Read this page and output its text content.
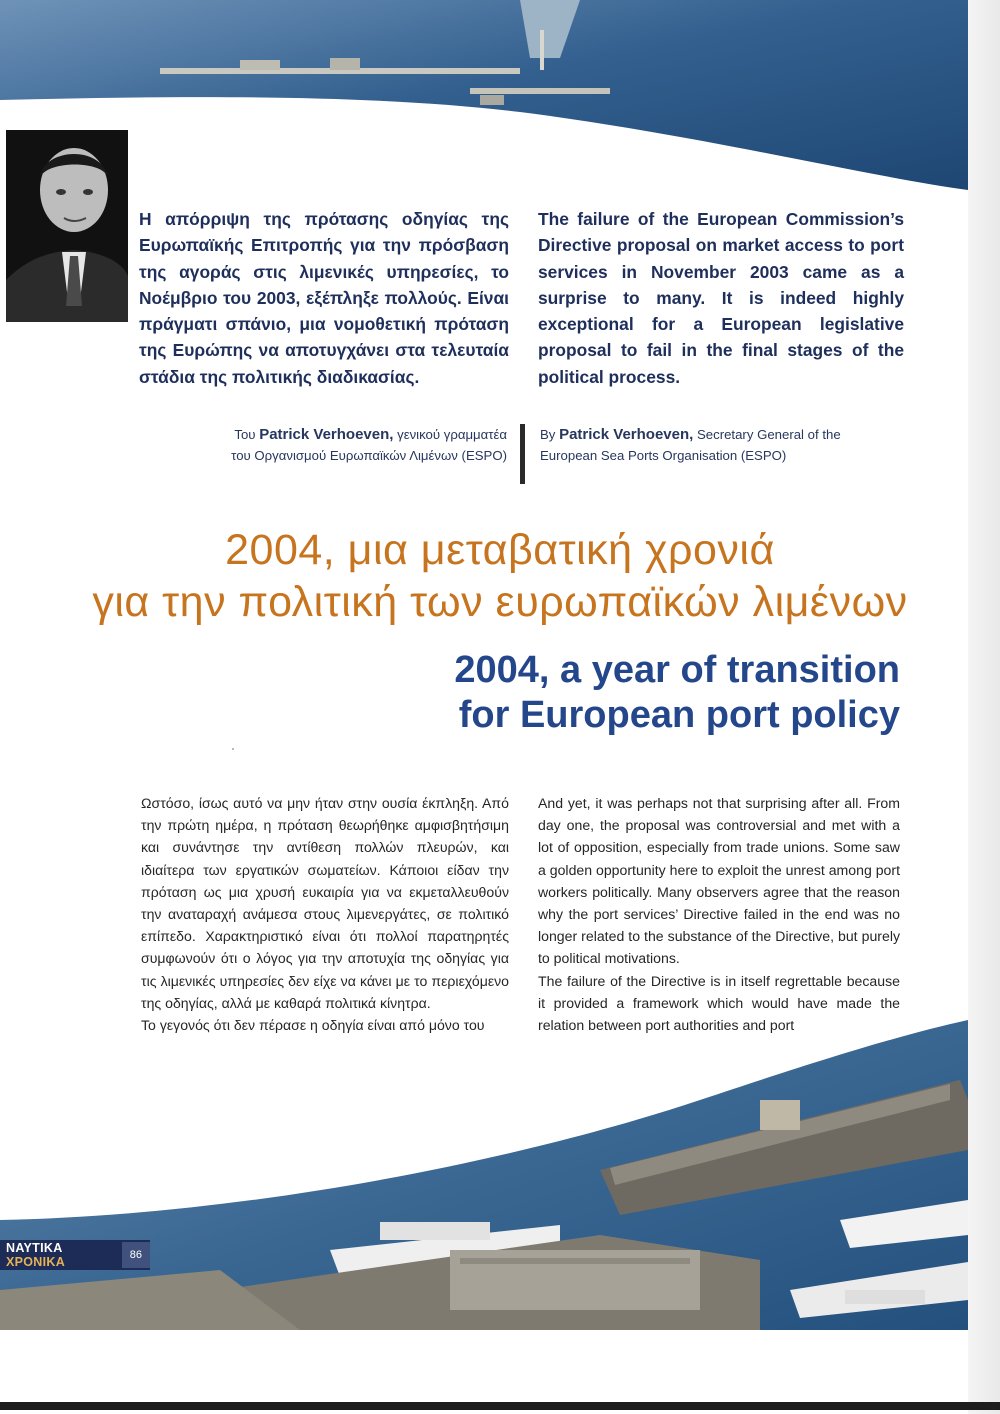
Η απόρριψη της πρότασης οδηγίας της Ευρωπαϊκής Επιτροπής για την πρόσβαση της αγοράς στις λιμενικές υπηρεσίες, το Νοέμβριο του 2003, εξέπληξε πολλούς. Είναι πράγματι σπάνιο, μια νομοθετική πρόταση της Ευρώπης να αποτυγχάνει στα τελευταία στάδια της πολιτικής διαδικασίας.

The failure of the European Commission’s Directive proposal on market access to port services in November 2003 came as a surprise to many. It is indeed highly exceptional for a European legislative proposal to fail in the final stages of the political process.

Του Patrick Verhoeven, γενικού γραμματέα
του Οργανισμού Ευρωπαϊκών Λιμένων (ESPO)
By Patrick Verhoeven, Secretary General of the
European Sea Ports Organisation (ESPO)
2004, μια μεταβατική χρονιά
για την πολιτική των ευρωπαϊκών λιμένων
2004, a year of transition
for European port policy

Ωστόσο, ίσως αυτό να μην ήταν στην ουσία έκπληξη. Από την πρώτη ημέρα, η πρόταση θεωρήθηκε αμφισβητήσιμη και συνάντησε την αντίθεση πολλών πλευρών, και ιδιαίτερα των εργατικών σωματείων. Κάποιοι είδαν την πρόταση ως μια χρυσή ευκαιρία για να εκμεταλλευθούν την αναταραχή ανάμεσα στους λιμενεργάτες, σε πολιτικό επίπεδο. Χαρακτηριστικό είναι ότι πολλοί παρατηρητές συμφωνούν ότι ο λόγος για την αποτυχία της οδηγίας για τις λιμενικές υπηρεσίες δεν είχε να κάνει με το περιεχόμενο της οδηγίας, αλλά με καθαρά πολιτικά κίνητρα.

Το γεγονός ότι δεν πέρασε η οδηγία είναι από μόνο του

And yet, it was perhaps not that surprising after all. From day one, the proposal was controversial and met with a lot of opposition, especially from trade unions. Some saw a golden opportunity here to exploit the unrest among port workers politically. Many observers agree that the reason why the port services’ Directive failed in the end was no longer related to the substance of the Directive, but purely to political motivations.

The failure of the Directive is in itself regrettable because it provided a framework which would have made the relation between port authorities and port

ΝΑΥΤΙΚΑ ΧΡΟΝΙΚΑ	86
